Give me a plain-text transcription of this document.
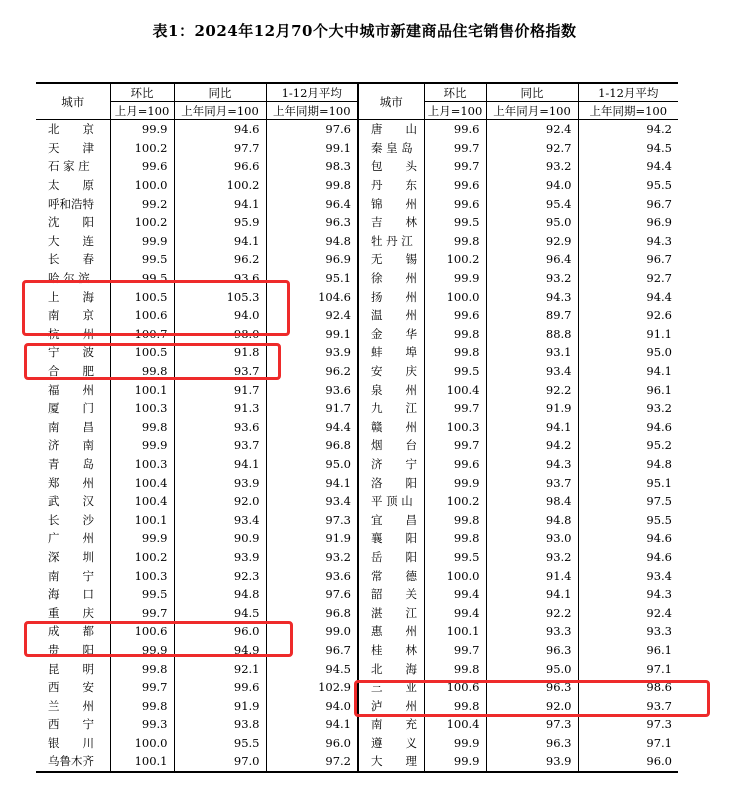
表1：2024年12月70个大中城市新建商品住宅销售价格指数
城市	环比	同比	1-12月平均	城市	环比	同比	1-12月平均
	上月=100	上年同月=100	上年同期=100		上月=100	上年同月=100	上年同期=100
北　　京	99.9	94.6	97.6	唐　　山	99.6	92.4	94.2
天　　津	100.2	97.7	99.1	秦 皇 岛	99.7	92.7	94.5
石 家 庄	99.6	96.6	98.3	包　　头	99.7	93.2	94.4
太　　原	100.0	100.2	99.8	丹　　东	99.6	94.0	95.5
呼和浩特	99.2	94.1	96.4	锦　　州	99.6	95.4	96.7
沈　　阳	100.2	95.9	96.3	吉　　林	99.5	95.0	96.9
大　　连	99.9	94.1	94.8	牡 丹 江	99.8	92.9	94.3
长　　春	99.5	96.2	96.9	无　　锡	100.2	96.4	96.7
哈 尔 滨	99.5	93.6	95.1	徐　　州	99.9	93.2	92.7
上　　海	100.5	105.3	104.6	扬　　州	100.0	94.3	94.4
南　　京	100.6	94.0	92.4	温　　州	99.6	89.7	92.6
杭　　州	100.7	98.0	99.1	金　　华	99.8	88.8	91.1
宁　　波	100.5	91.8	93.9	蚌　　埠	99.8	93.1	95.0
合　　肥	99.8	93.7	96.2	安　　庆	99.5	93.4	94.1
福　　州	100.1	91.7	93.6	泉　　州	100.4	92.2	96.1
厦　　门	100.3	91.3	91.7	九　　江	99.7	91.9	93.2
南　　昌	99.8	93.6	94.4	赣　　州	100.3	94.1	94.6
济　　南	99.9	93.7	96.8	烟　　台	99.7	94.2	95.2
青　　岛	100.3	94.1	95.0	济　　宁	99.6	94.3	94.8
郑　　州	100.4	93.9	94.1	洛　　阳	99.9	93.7	95.1
武　　汉	100.4	92.0	93.4	平 顶 山	100.2	98.4	97.5
长　　沙	100.1	93.4	97.3	宜　　昌	99.8	94.8	95.5
广　　州	99.9	90.9	91.9	襄　　阳	99.8	93.0	94.6
深　　圳	100.2	93.9	93.2	岳　　阳	99.5	93.2	94.6
南　　宁	100.3	92.3	93.6	常　　德	100.0	91.4	93.4
海　　口	99.5	94.8	97.6	韶　　关	99.4	94.1	94.3
重　　庆	99.7	94.5	96.8	湛　　江	99.4	92.2	92.4
成　　都	100.6	96.0	99.0	惠　　州	100.1	93.3	93.3
贵　　阳	99.9	94.9	96.7	桂　　林	99.7	96.3	96.1
昆　　明	99.8	92.1	94.5	北　　海	99.8	95.0	97.1
西　　安	99.7	99.6	102.9	三　　亚	100.6	96.3	98.6
兰　　州	99.8	91.9	94.0	泸　　州	99.8	92.0	93.7
西　　宁	99.3	93.8	94.1	南　　充	100.4	97.3	97.3
银　　川	100.0	95.5	96.0	遵　　义	99.9	96.3	97.1
乌鲁木齐	100.1	97.0	97.2	大　　理	99.9	93.9	96.0
